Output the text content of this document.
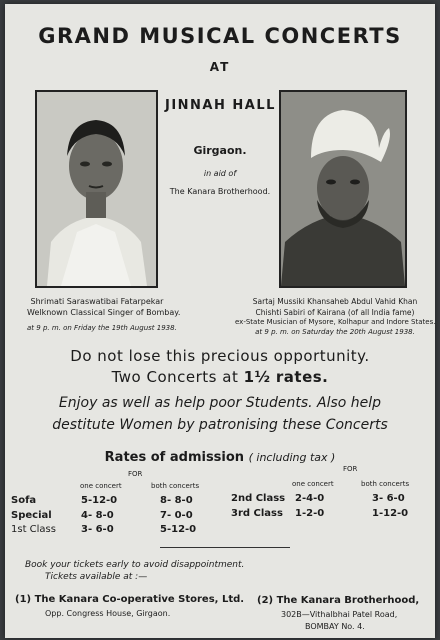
GRAND MUSICAL CONCERTS
AT
JINNAH HALL
Girgaon.
in aid of
The Kanara Brotherhood.
Shrimati Saraswatibai Fatarpekar
Welknown Classical Singer of Bombay.
at 9 p. m. on Friday the 19th August 1938.
Sartaj Mussiki Khansaheb Abdul Vahid Khan
Chishti Sabiri of Kairana (of all India fame)
ex-State Musician of Mysore, Kolhapur and Indore States.
at 9 p. m. on Saturday the 20th August 1938.
Do not lose this precious opportunity.
Two Concerts at 1½ rates.
Enjoy as well as help poor Students. Also help
destitute Women by patronising these Concerts
Rates of admission ( including tax )
FOR
FOR
one concert	both concerts	one concert	both concerts
Sofa	5-12-0	8- 8-0
Special	4- 8-0	7- 0-0
1st Class	3- 6-0	5-12-0
2nd Class 2-4-0	3- 6-0
3rd Class 1-2-0	1-12-0
Book your tickets early to avoid disappointment.
Tickets available at :—
(1) The Kanara Co-operative Stores, Ltd.
Opp. Congress House, Girgaon.
(2) The Kanara Brotherhood,
302B—Vithalbhai Patel Road,
BOMBAY No. 4.
